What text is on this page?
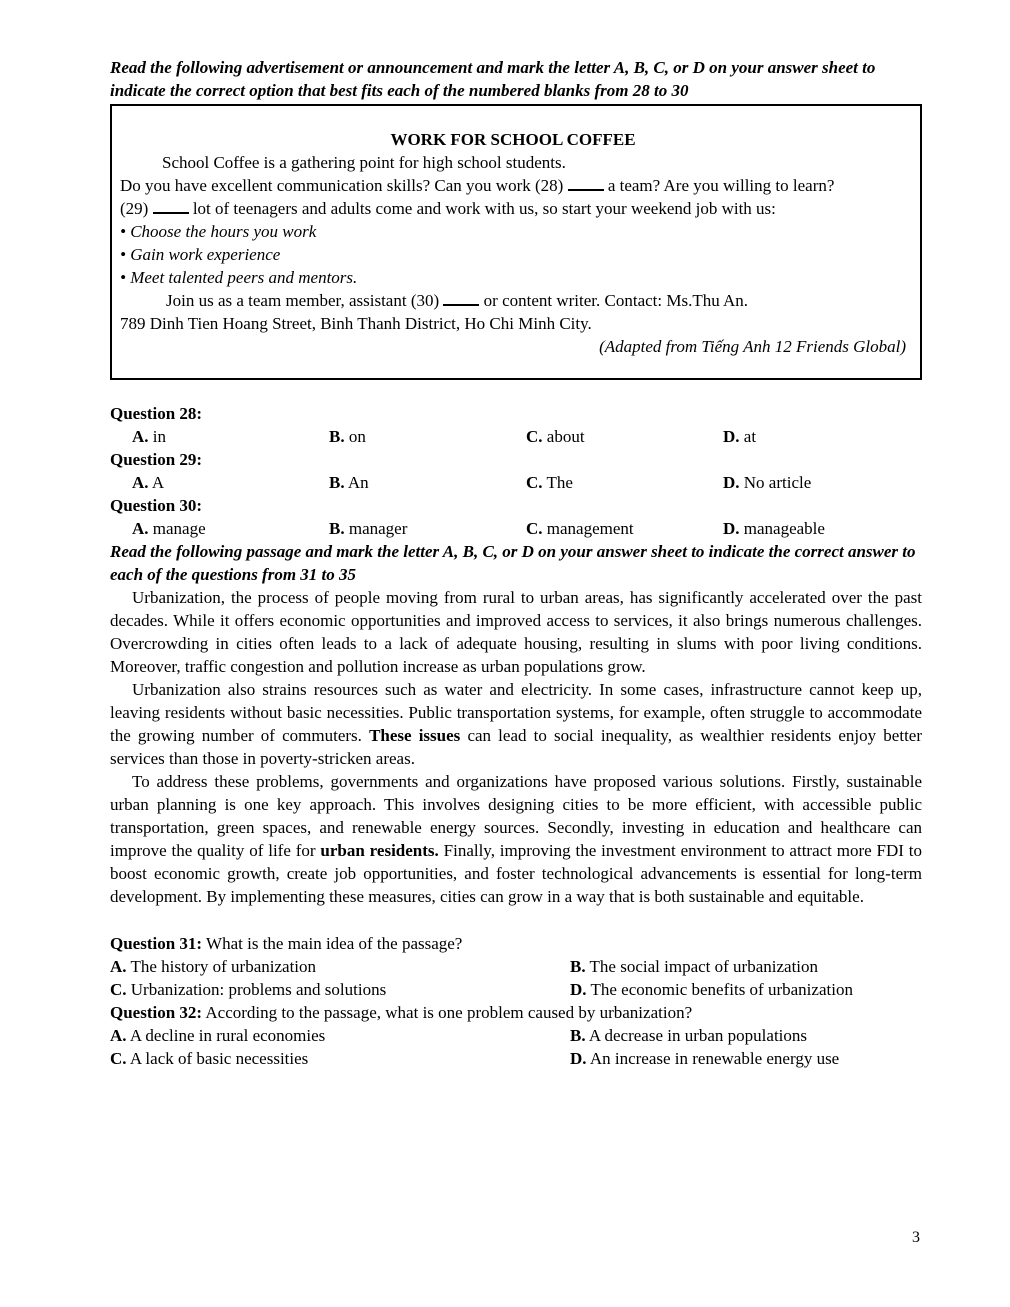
Read the following advertisement or announcement and mark the letter A, B, C, or D on your answer sheet to indicate the correct option that best fits each of the numbered blanks from 28 to 30
WORK FOR SCHOOL COFFEE
School Coffee is a gathering point for high school students.
Do you have excellent communication skills? Can you work (28)  a team? Are you willing to learn?
(29)  lot of teenagers and adults come and work with us, so start your weekend job with us:
• Choose the hours you work
• Gain work experience
• Meet talented peers and mentors.
Join us as a team member, assistant (30)  or content writer. Contact: Ms.Thu An.
789 Dinh Tien Hoang Street, Binh Thanh District, Ho Chi Minh City.
(Adapted from Tiếng Anh 12 Friends Global)
Question 28:
A. in	B. on	C. about	D. at
Question 29:
A. A	B. An	C. The	D. No article
Question 30:
A. manage	B. manager	C. management	D. manageable
Read the following passage and mark the letter A, B, C, or D on your answer sheet to indicate the correct answer to each of the questions from 31 to 35
Urbanization, the process of people moving from rural to urban areas, has significantly accelerated over the past decades. While it offers economic opportunities and improved access to services, it also brings numerous challenges. Overcrowding in cities often leads to a lack of adequate housing, resulting in slums with poor living conditions. Moreover, traffic congestion and pollution increase as urban populations grow.
Urbanization also strains resources such as water and electricity. In some cases, infrastructure cannot keep up, leaving residents without basic necessities. Public transportation systems, for example, often struggle to accommodate the growing number of commuters. These issues can lead to social inequality, as wealthier residents enjoy better services than those in poverty-stricken areas.
To address these problems, governments and organizations have proposed various solutions. Firstly, sustainable urban planning is one key approach. This involves designing cities to be more efficient, with accessible public transportation, green spaces, and renewable energy sources. Secondly, investing in education and healthcare can improve the quality of life for urban residents. Finally, improving the investment environment to attract more FDI to boost economic growth, create job opportunities, and foster technological advancements is essential for long-term development. By implementing these measures, cities can grow in a way that is both sustainable and equitable.
Question 31: What is the main idea of the passage?
A. The history of urbanization	B. The social impact of urbanization
C. Urbanization: problems and solutions	D. The economic benefits of urbanization
Question 32: According to the passage, what is one problem caused by urbanization?
A. A decline in rural economies	B. A decrease in urban populations
C. A lack of basic necessities	D. An increase in renewable energy use
3
